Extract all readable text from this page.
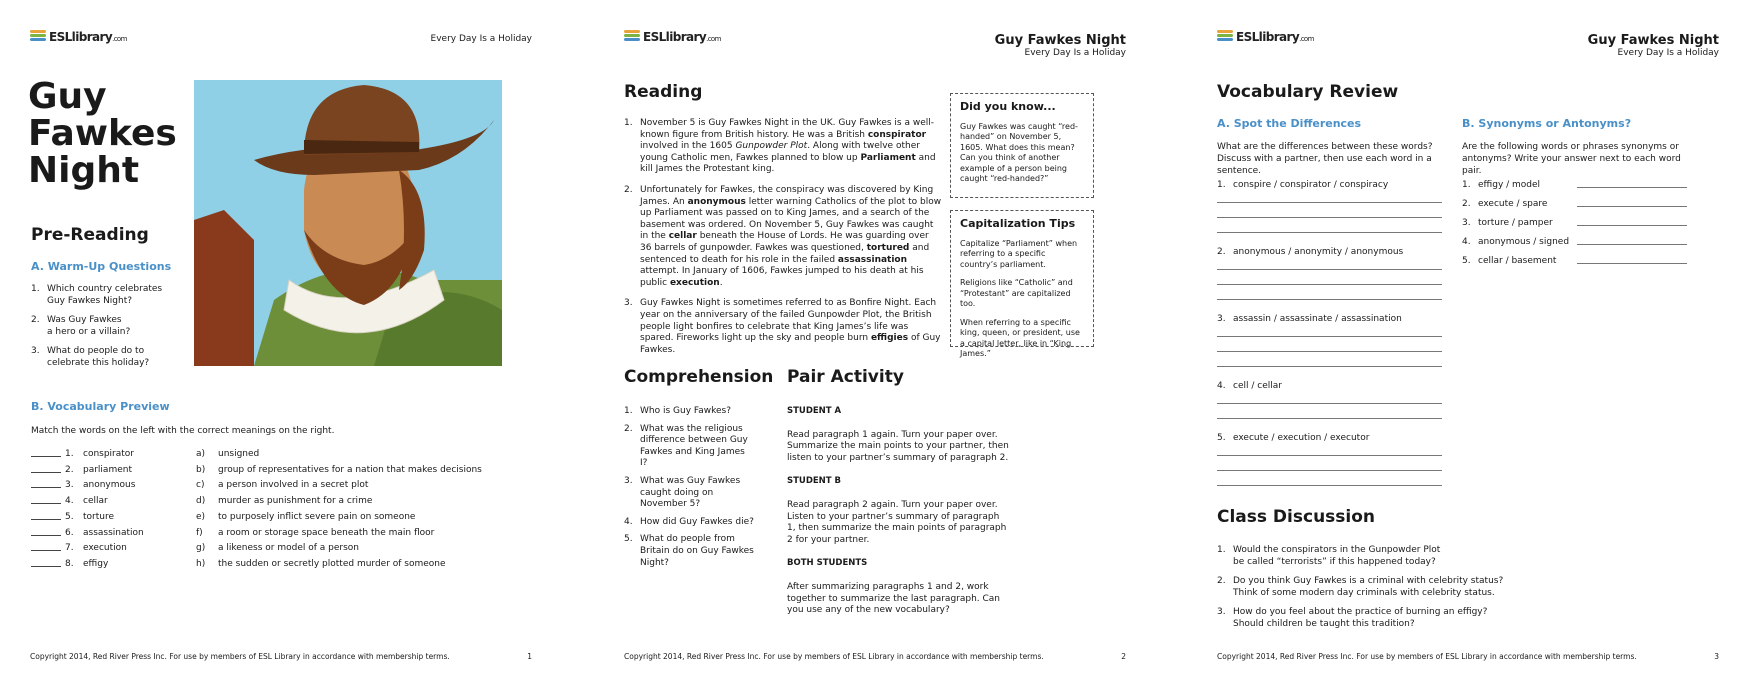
ESLlibrary.com	Every Day Is a Holiday
Guy
Fawkes
Night
Pre-Reading
A. Warm-Up Questions
1. Which country celebrates
Guy Fawkes Night?
2. Was Guy Fawkes
a hero or a villain?
3. What do people do to
celebrate this holiday?
B. Vocabulary Preview
Match the words on the left with the correct meanings on the right.
1.	conspirator	a)	unsigned
2.	parliament	b)	group of representatives for a nation that makes decisions
3.	anonymous	c)	a person involved in a secret plot
4.	cellar	d)	murder as punishment for a crime
5.	torture	e)	to purposely inflict severe pain on someone
6.	assassination	f)	a room or storage space beneath the main floor
7.	execution	g)	a likeness or model of a person
8.	effigy	h)	the sudden or secretly plotted murder of someone
Copyright 2014, Red River Press Inc. For use by members of ESL Library in accordance with membership terms.	1
ESLlibrary.com	Guy Fawkes Night
Every Day Is a Holiday
Reading
1. November 5 is Guy Fawkes Night in the UK. Guy Fawkes is a well-known figure from British history. He was a British conspirator involved in the 1605 Gunpowder Plot. Along with twelve other young Catholic men, Fawkes planned to blow up Parliament and kill James the Protestant king.
2. Unfortunately for Fawkes, the conspiracy was discovered by King James. An anonymous letter warning Catholics of the plot to blow up Parliament was passed on to King James, and a search of the basement was ordered. On November 5, Guy Fawkes was caught in the cellar beneath the House of Lords. He was guarding over 36 barrels of gunpowder. Fawkes was questioned, tortured and sentenced to death for his role in the failed assassination attempt. In January of 1606, Fawkes jumped to his death at his public execution.
3. Guy Fawkes Night is sometimes referred to as Bonfire Night. Each year on the anniversary of the failed Gunpowder Plot, the British people light bonfires to celebrate that King James’s life was spared. Fireworks light up the sky and people burn effigies of Guy Fawkes.
Did you know...
Guy Fawkes was caught “red-handed” on November 5, 1605. What does this mean? Can you think of another example of a person being caught “red-handed?”
Capitalization Tips

Capitalize “Parliament” when referring to a specific country’s parliament.

Religions like “Catholic” and “Protestant” are capitalized too.

When referring to a specific king, queen, or president, use a capital letter, like in “King James.”

Comprehension
1. Who is Guy Fawkes?
2. What was the religious difference between Guy Fawkes and King James I?
3. What was Guy Fawkes caught doing on November 5?
4. How did Guy Fawkes die?
5. What do people from Britain do on Guy Fawkes Night?
Pair Activity
STUDENT A
Read paragraph 1 again. Turn your paper over. Summarize the main points to your partner, then listen to your partner’s summary of paragraph 2.
STUDENT B
Read paragraph 2 again. Turn your paper over. Listen to your partner’s summary of paragraph 1, then summarize the main points of paragraph 2 for your partner.
BOTH STUDENTS
After summarizing paragraphs 1 and 2, work together to summarize the last paragraph. Can you use any of the new vocabulary?
Copyright 2014, Red River Press Inc. For use by members of ESL Library in accordance with membership terms.	2
ESLlibrary.com	Guy Fawkes Night
Every Day Is a Holiday
Vocabulary Review
A. Spot the Differences
What are the differences between these words? Discuss with a partner, then use each word in a sentence.
1. conspire / conspirator / conspiracy
2. anonymous / anonymity / anonymous
3. assassin / assassinate / assassination
4. cell / cellar
5. execute / execution / executor
B. Synonyms or Antonyms?
Are the following words or phrases synonyms or antonyms? Write your answer next to each word pair.
1. effigy / model
2. execute / spare
3. torture / pamper
4. anonymous / signed
5. cellar / basement
Class Discussion
1. Would the conspirators in the Gunpowder Plot
be called “terrorists” if this happened today?
2. Do you think Guy Fawkes is a criminal with celebrity status?
Think of some modern day criminals with celebrity status.
3. How do you feel about the practice of burning an effigy?
Should children be taught this tradition?
Copyright 2014, Red River Press Inc. For use by members of ESL Library in accordance with membership terms.	3
